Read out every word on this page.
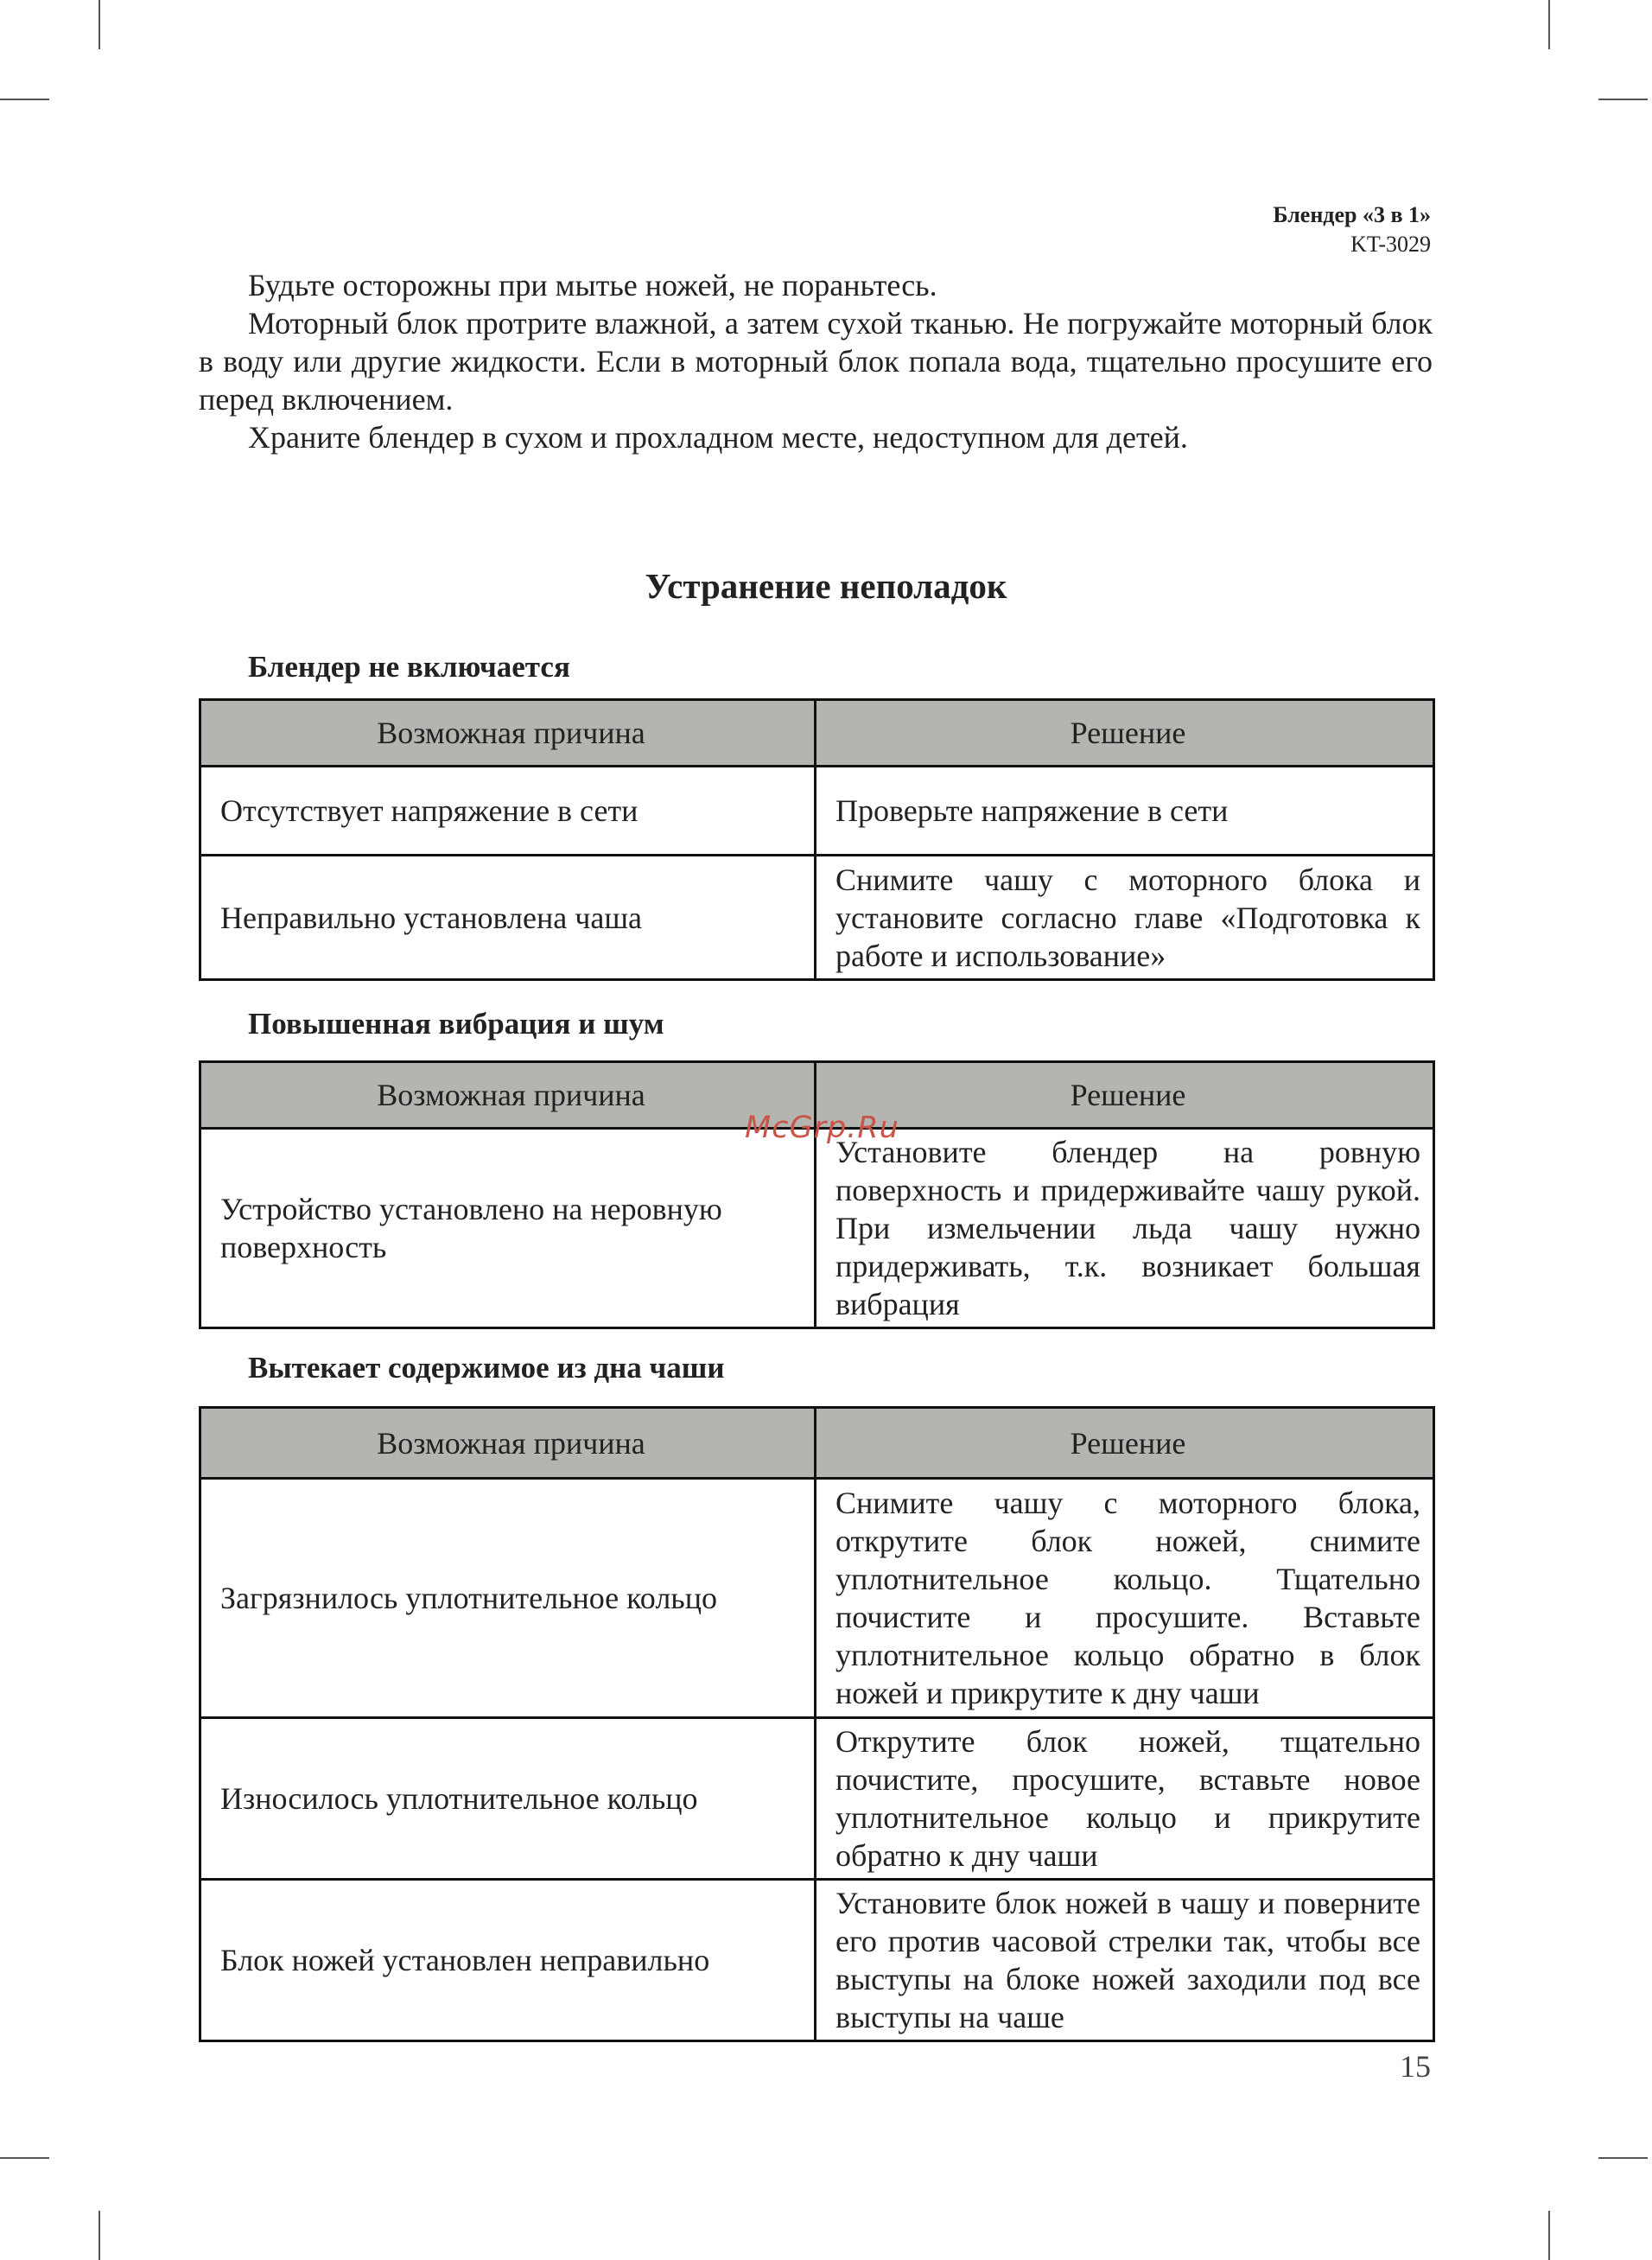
Блендер «3 в 1»
KT-3029

Будьте осторожны при мытье ножей, не пораньтесь.

Моторный блок протрите влажной, а затем сухой тканью. Не погружайте моторный блок в воду или другие жидкости. Если в моторный блок попала вода, тщательно просушите его перед включением.

Храните блендер в сухом и прохладном месте, недоступном для детей.

Устранение неполадок
Блендер не включается
Возможная причина	Решение
Отсутствует напряжение в сети	Проверьте напряжение в сети
Неправильно установлена чаша	Снимите чашу с моторного блока и установите согласно главе «Подготовка к работе и использование»
Повышенная вибрация и шум
Возможная причина	Решение
Устройство установлено на неровную поверхность	Установите блендер на ровную поверхность и придерживайте чашу рукой. При измельчении льда чашу нужно придерживать, т.к. возникает большая вибрация
Вытекает содержимое из дна чаши
Возможная причина	Решение
Загрязнилось уплотнительное кольцо	Снимите чашу с моторного блока, открутите блок ножей, снимите уплотнительное кольцо. Тщательно почистите и просушите. Вставьте уплотнительное кольцо обратно в блок ножей и прикрутите к дну чаши
Износилось уплотнительное кольцо	Открутите блок ножей, тщательно почистите, просушите, вставьте новое уплотнительное кольцо и прикрутите обратно к дну чаши
Блок ножей установлен неправильно	Установите блок ножей в чашу и поверните его против часовой стрелки так, чтобы все выступы на блоке ножей заходили под все выступы на чаше
McGrp.Ru
15
